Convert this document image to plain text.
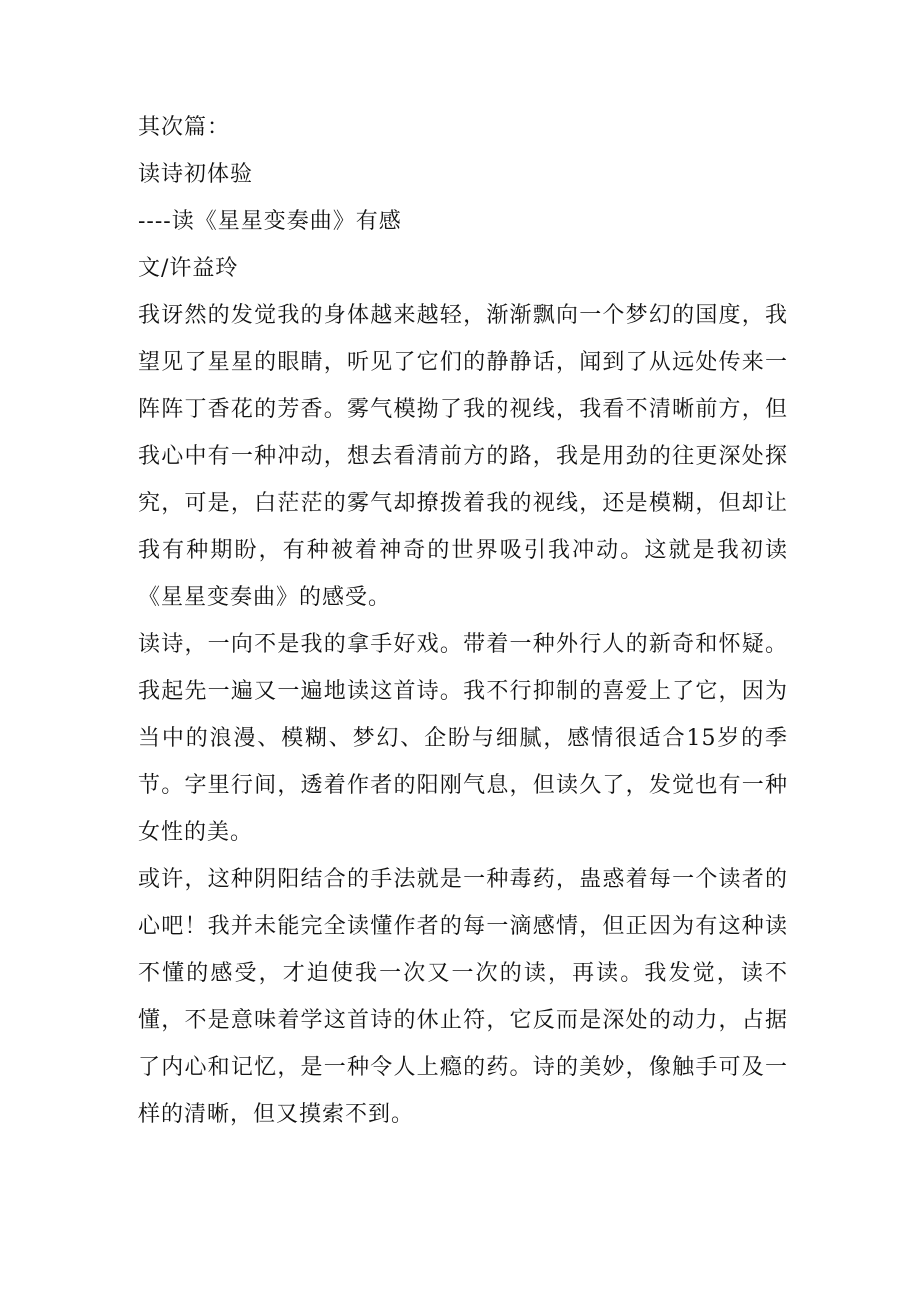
其次篇：

读诗初体验

----读《星星变奏曲》有感

文/许益玲

我讶然的发觉我的身体越来越轻，渐渐飘向一个梦幻的国度，我望见了星星的眼睛，听见了它们的静静话，闻到了从远处传来一阵阵丁香花的芳香。雾气模拗了我的视线，我看不清晰前方，但我心中有一种冲动，想去看清前方的路，我是用劲的往更深处探究，可是，白茫茫的雾气却撩拨着我的视线，还是模糊，但却让我有种期盼，有种被着神奇的世界吸引我冲动。这就是我初读《星星变奏曲》的感受。

读诗，一向不是我的拿手好戏。带着一种外行人的新奇和怀疑。我起先一遍又一遍地读这首诗。我不行抑制的喜爱上了它，因为当中的浪漫、模糊、梦幻、企盼与细腻，感情很适合15岁的季节。字里行间，透着作者的阳刚气息，但读久了，发觉也有一种女性的美。

或许，这种阴阳结合的手法就是一种毒药，蛊惑着每一个读者的心吧！我并未能完全读懂作者的每一滴感情，但正因为有这种读不懂的感受，才迫使我一次又一次的读，再读。我发觉，读不懂，不是意味着学这首诗的休止符，它反而是深处的动力，占据了内心和记忆，是一种令人上瘾的药。诗的美妙，像触手可及一样的清晰，但又摸索不到。
